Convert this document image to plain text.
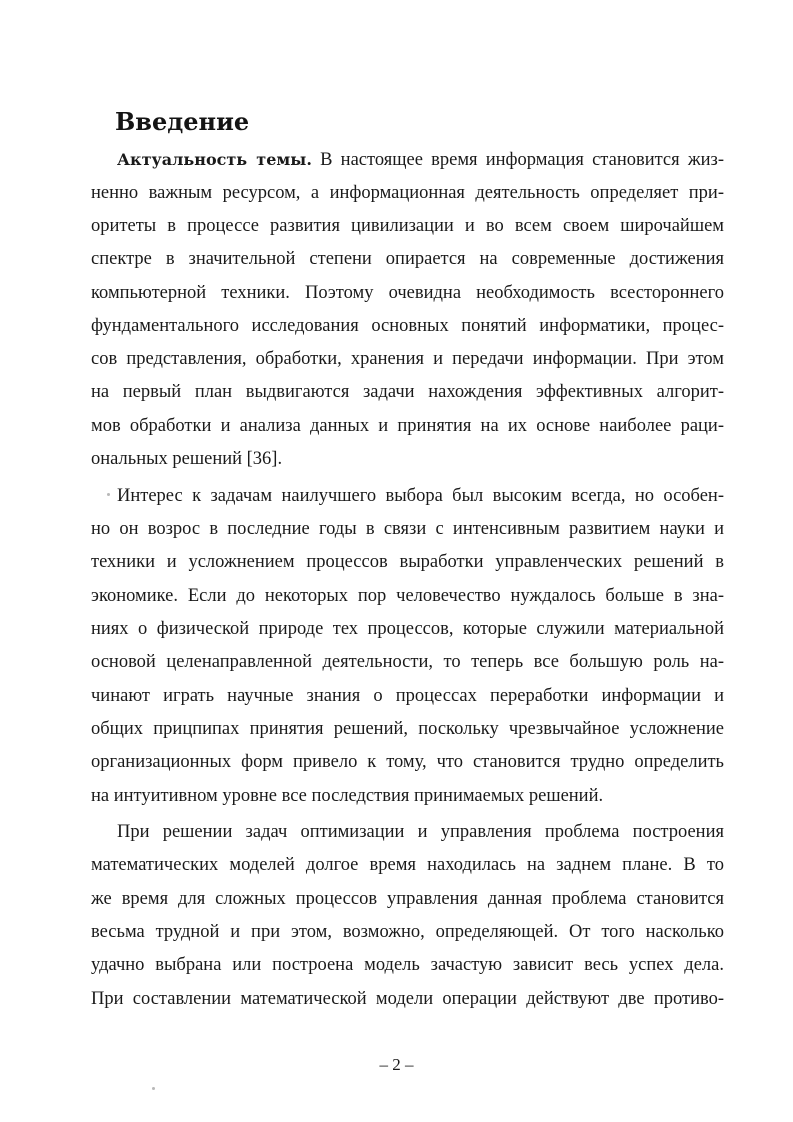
Введение
Актуальность темы. В настоящее время информация становится жиз-
ненно важным ресурсом, а информационная деятельность определяет при-
оритеты в процессе развития цивилизации и во всем своем широчайшем
спектре в значительной степени опирается на современные достижения
компьютерной техники. Поэтому очевидна необходимость всестороннего
фундаментального исследования основных понятий информатики, процес-
сов представления, обработки, хранения и передачи информации. При этом
на первый план выдвигаются задачи нахождения эффективных алгорит-
мов обработки и анализа данных и принятия на их основе наиболее раци-
ональных решений [36].
Интерес к задачам наилучшего выбора был высоким всегда, но особен-
но он возрос в последние годы в связи с интенсивным развитием науки и
техники и усложнением процессов выработки управленческих решений в
экономике. Если до некоторых пор человечество нуждалось больше в зна-
ниях о физической природе тех процессов, которые служили материальной
основой целенаправленной деятельности, то теперь все большую роль на-
чинают играть научные знания о процессах переработки информации и
общих прицпипах принятия решений, поскольку чрезвычайное усложнение
организационных форм привело к тому, что становится трудно определить
на интуитивном уровне все последствия принимаемых решений.
При решении задач оптимизации и управления проблема построения
математических моделей долгое время находилась на заднем плане. В то
же время для сложных процессов управления данная проблема становится
весьма трудной и при этом, возможно, определяющей. От того насколько
удачно выбрана или построена модель зачастую зависит весь успех дела.
При составлении математической модели операции действуют две противо-
– 2 –
